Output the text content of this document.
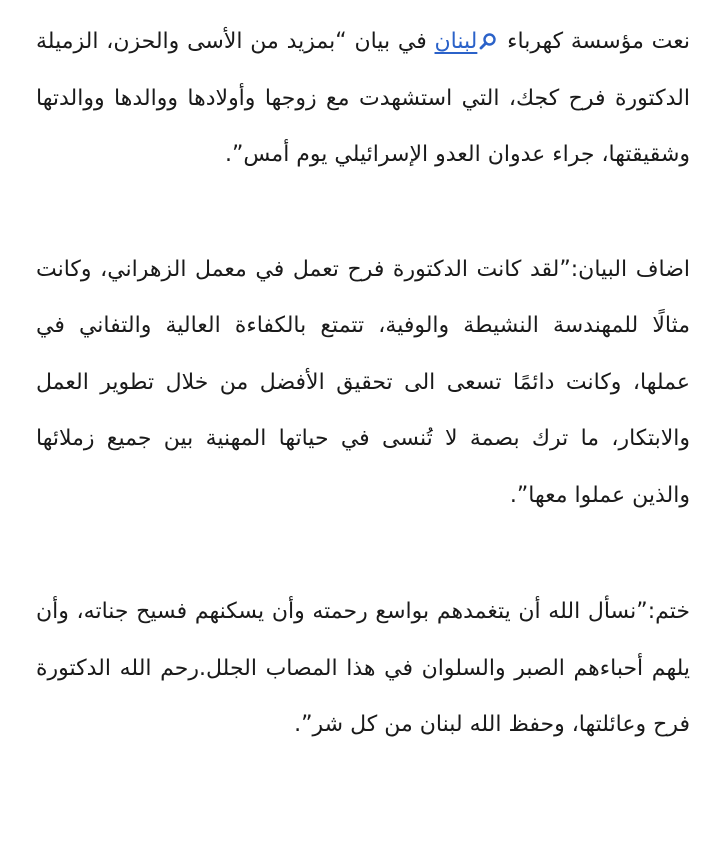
نعت مؤسسة كهرباء
لبنان في بيان “بمزيد من الأسى والحزن، الزميلة الدكتورة فرح كجك، التي استشهدت مع زوجها وأولادها ووالدها ووالدتها وشقيقتها، جراء عدوان العدو الإسرائيلي يوم أمس”.

اضاف البيان:”لقد كانت الدكتورة فرح تعمل في معمل الزهراني، وكانت مثالًا للمهندسة النشيطة والوفية، تتمتع بالكفاءة العالية والتفاني في عملها، وكانت دائمًا تسعى الى تحقيق الأفضل من خلال تطوير العمل والابتكار، ما ترك بصمة لا تُنسى في حياتها المهنية بين جميع زملائها والذين عملوا معها”.

ختم:”نسأل الله أن يتغمدهم بواسع رحمته وأن يسكنهم فسيح جناته، وأن يلهم أحباءهم الصبر والسلوان في هذا المصاب الجلل.رحم الله الدكتورة فرح وعائلتها، وحفظ الله لبنان من كل شر”.
